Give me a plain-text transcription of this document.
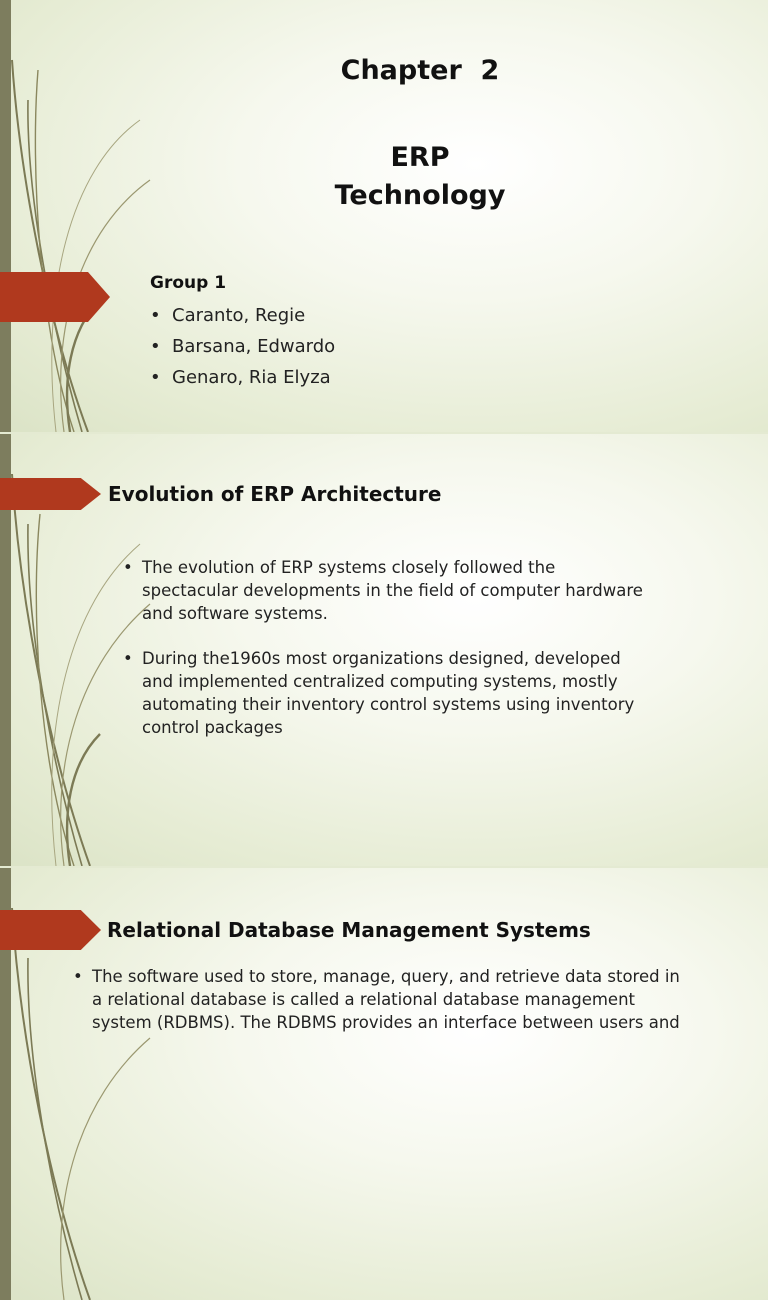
Chapter  2
ERP
Technology
Group 1
• Caranto, Regie
• Barsana, Edwardo
• Genaro, Ria Elyza
Evolution of ERP Architecture
• The evolution of ERP systems closely followed the spectacular developments in the field of computer hardware and software systems.
• During the1960s most organizations designed, developed and implemented centralized computing systems, mostly automating their inventory control systems using inventory control packages
Relational Database Management Systems
• The software used to store, manage, query, and retrieve data stored in a relational database is called a relational database management system (RDBMS). The RDBMS provides an interface between users and
